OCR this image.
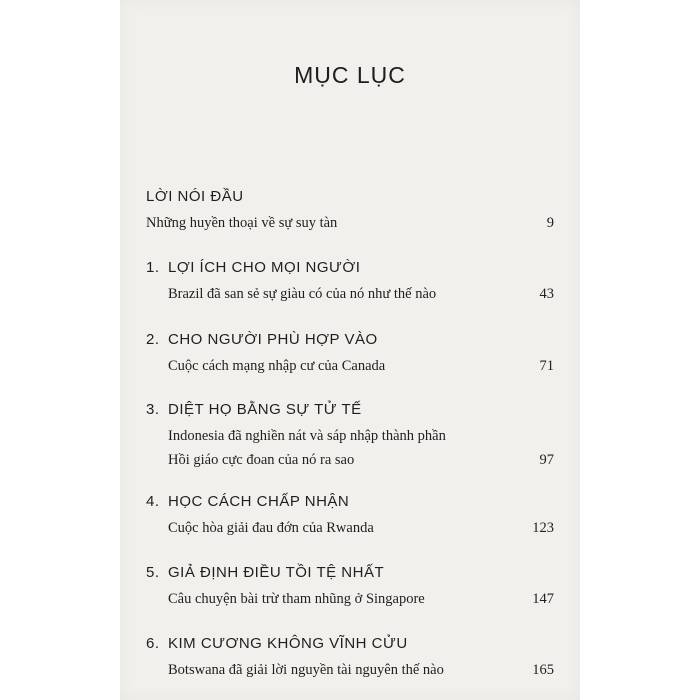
MỤC LỤC
LỜI NÓI ĐẦU
Những huyền thoại về sự suy tàn	9
1. LỢI ÍCH CHO MỌI NGƯỜI
Brazil đã san sẻ sự giàu có của nó như thế nào	43
2. CHO NGƯỜI PHÙ HỢP VÀO
Cuộc cách mạng nhập cư của Canada	71
3. DIỆT HỌ BẰNG SỰ TỬ TẾ
Indonesia đã nghiền nát và sáp nhập thành phần
Hồi giáo cực đoan của nó ra sao	97
4. HỌC CÁCH CHẤP NHẬN
Cuộc hòa giải đau đớn của Rwanda	123
5. GIẢ ĐỊNH ĐIỀU TỒI TỆ NHẤT
Câu chuyện bài trừ tham nhũng ở Singapore	147
6. KIM CƯƠNG KHÔNG VĨNH CỬU
Botswana đã giải lời nguyền tài nguyên thế nào	165
